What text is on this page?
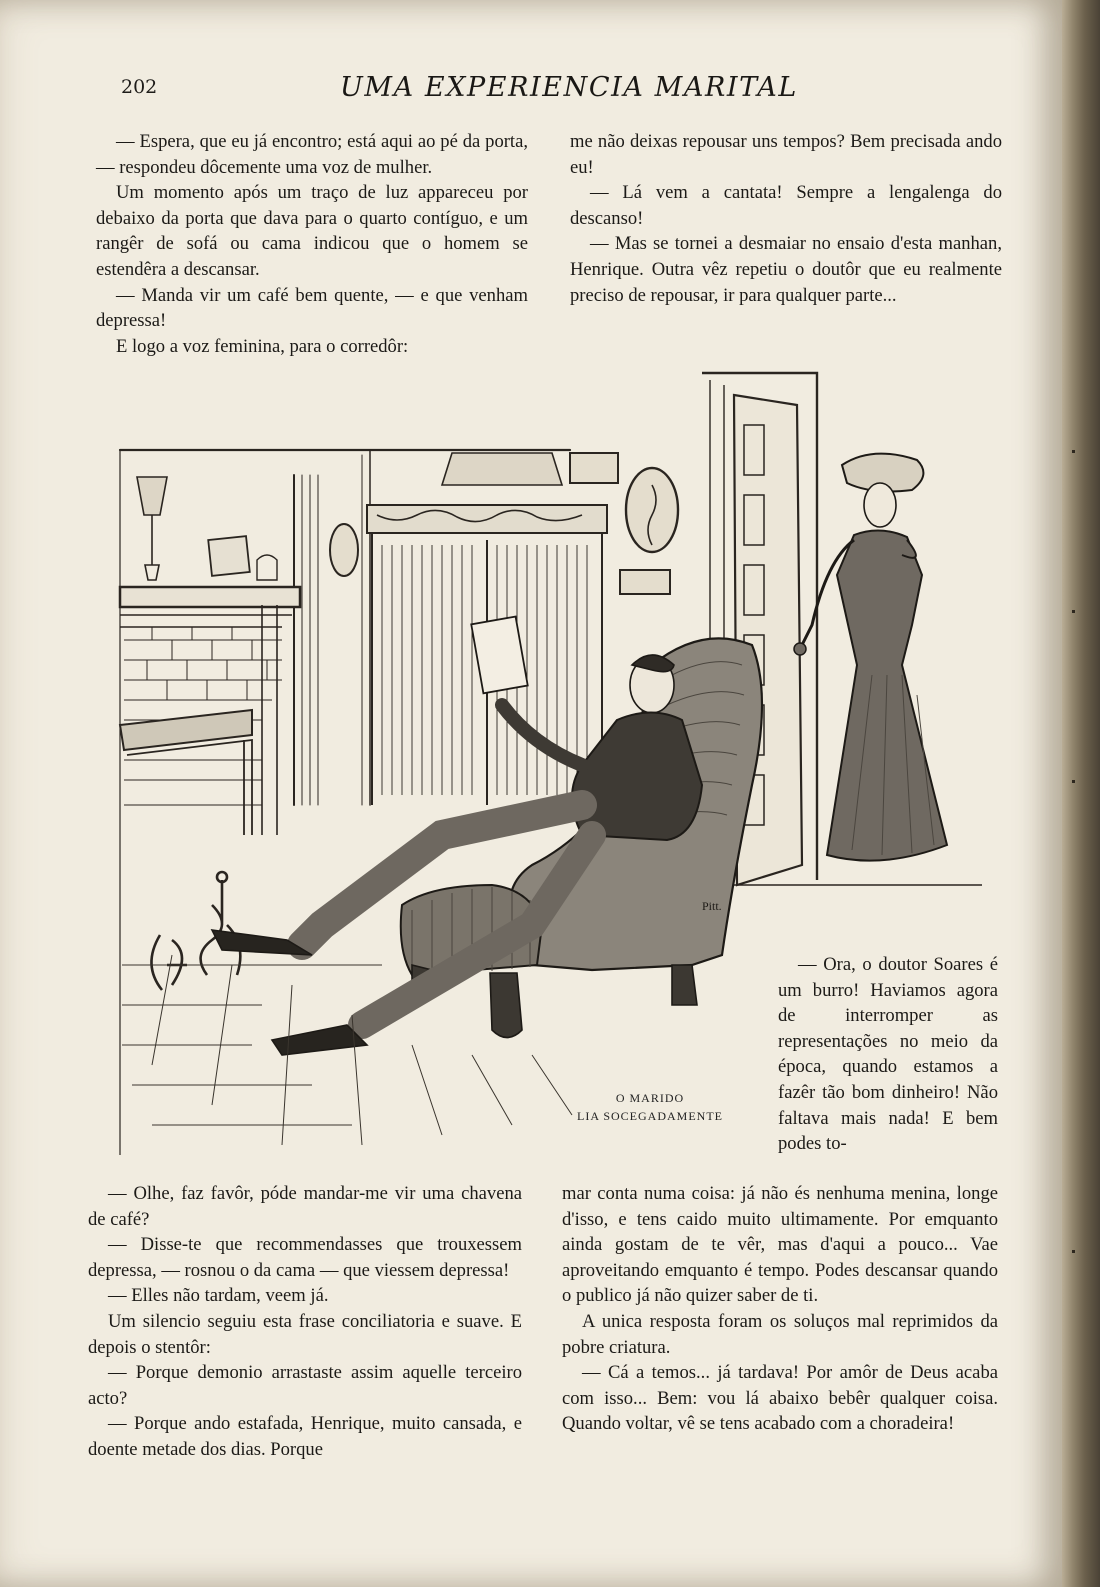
202	UMA EXPERIENCIA MARITAL

— Espera, que eu já encontro; está aqui ao pé da porta, — respondeu dôcemente uma voz de mulher.

Um momento após um traço de luz appareceu por debaixo da porta que dava para o quarto contíguo, e um rangêr de sofá ou cama indicou que o homem se estendêra a descansar.

— Manda vir um café bem quente, — e que venham depressa!

E logo a voz feminina, para o corredôr:

me não deixas repousar uns tempos? Bem precisada ando eu!

— Lá vem a cantata! Sempre a lengalenga do descanso!

— Mas se tornei a desmaiar no ensaio d'esta manhan, Henrique. Outra vêz repetiu o doutôr que eu realmente preciso de repousar, ir para qualquer parte...

Pitt.
O MARIDO
LIA SOCEGADAMENTE

— Ora, o doutor Soares é um burro! Haviamos agora de interromper as representações no meio da época, quando estamos a fazêr tão bom dinheiro! Não faltava mais nada! E bem podes to-

— Olhe, faz favôr, póde mandar-me vir uma chavena de café?

— Disse-te que recommendasses que trouxessem depressa, — rosnou o da cama — que viessem depressa!

— Elles não tardam, veem já.

Um silencio seguiu esta frase conciliatoria e suave. E depois o stentôr:

— Porque demonio arrastaste assim aquelle terceiro acto?

— Porque ando estafada, Henrique, muito cansada, e doente metade dos dias. Porque

mar conta numa coisa: já não és nenhuma menina, longe d'isso, e tens caido muito ultimamente. Por emquanto ainda gostam de te vêr, mas d'aqui a pouco... Vae aproveitando emquanto é tempo. Podes descansar quando o publico já não quizer saber de ti.

A unica resposta foram os soluços mal reprimidos da pobre criatura.

— Cá a temos... já tardava! Por amôr de Deus acaba com isso... Bem: vou lá abaixo bebêr qualquer coisa. Quando voltar, vê se tens acabado com a choradeira!
